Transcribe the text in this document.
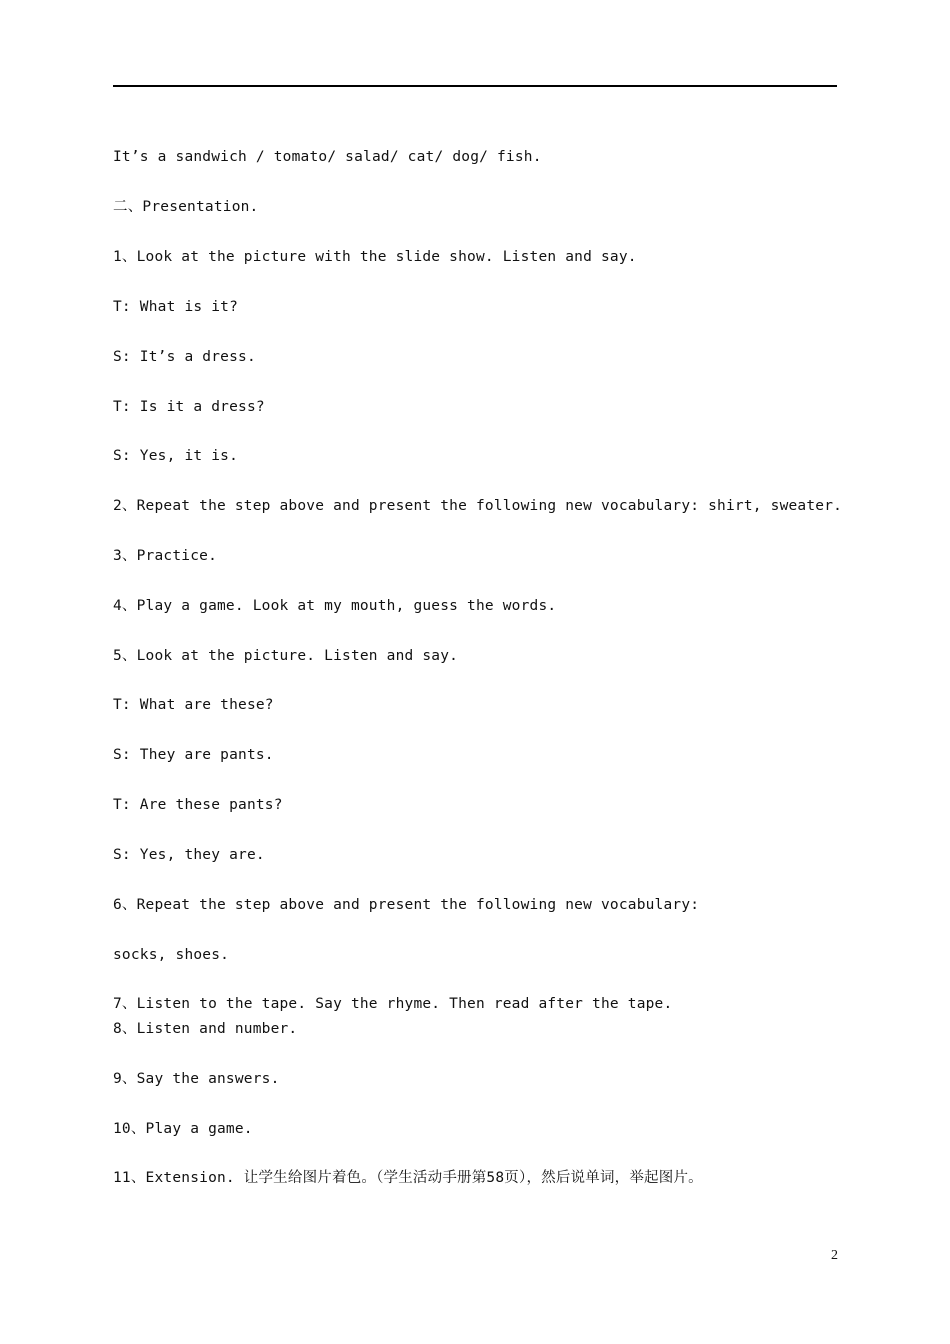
It’s a sandwich / tomato/ salad/ cat/ dog/ fish.
二、Presentation.
1、Look at the picture with the slide show. Listen and say.
T: What is it?
S: It’s a dress.
T: Is it a dress?
S: Yes, it is.
2、Repeat the step above and present the following new vocabulary: shirt, sweater.
3、Practice.
4、Play a game. Look at my mouth, guess the words.
5、Look at the picture. Listen and say.
T: What are these?
S: They are pants.
T: Are these pants?
S: Yes, they are.
6、Repeat the step above and present the following new vocabulary:
socks, shoes.
7、Listen to the tape. Say the rhyme. Then read after the tape.
8、Listen and number.
9、Say the answers.
10、Play a game.
11、Extension. 让学生给图片着色。（学生活动手册第58页），然后说单词，举起图片。
2
